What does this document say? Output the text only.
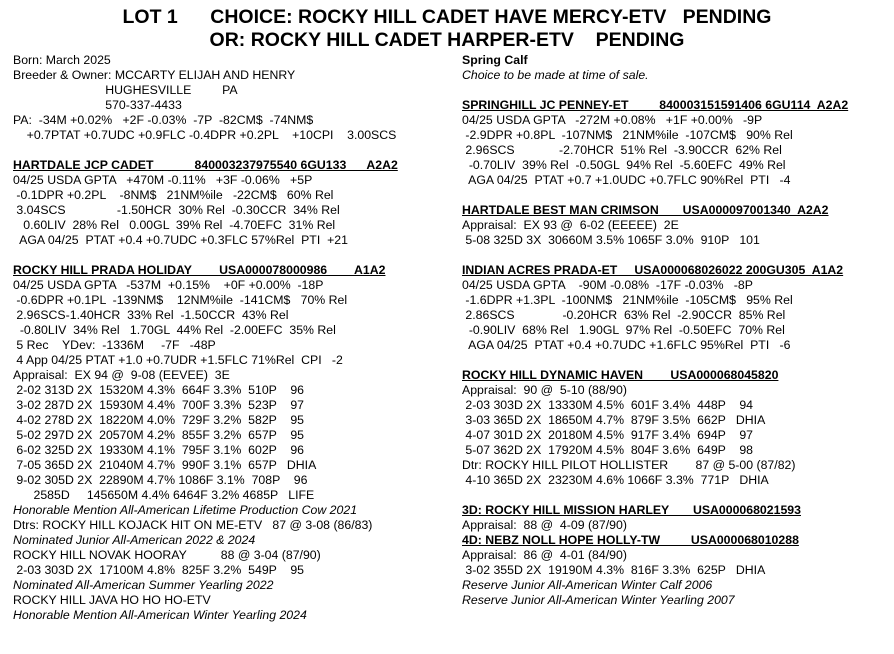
LOT 1      CHOICE: ROCKY HILL CADET HAVE MERCY-ETV   PENDING
OR: ROCKY HILL CADET HARPER-ETV    PENDING
Born: March 2025
Breeder & Owner: MCCARTY ELIJAH AND HENRY
HUGHESVILLE         PA
570-337-4433
PA:  -34M +0.02%   +2F -0.03%  -7P  -82CM$  -74NM$
+0.7PTAT +0.7UDC +0.9FLC -0.4DPR +0.2PL    +10CPI    3.00SCS
HARTDALE JCP CADET            840003237975540 6GU133      A2A2
04/25 USDA GPTA   +470M -0.11%   +3F -0.06%   +5P
-0.1DPR +0.2PL    -8NM$   21NM%ile   -22CM$   60% Rel
3.04SCS               -1.50HCR  30% Rel  -0.30CCR  34% Rel
0.60LIV  28% Rel   0.00GL  39% Rel  -4.70EFC  31% Rel
AGA 04/25  PTAT +0.4 +0.7UDC +0.3FLC 57%Rel  PTI  +21
ROCKY HILL PRADA HOLIDAY        USA000078000986        A1A2
04/25 USDA GPTA   -537M  +0.15%    +0F +0.00%  -18P
-0.6DPR +0.1PL  -139NM$    12NM%ile  -141CM$   70% Rel
2.96SCS-1.40HCR  33% Rel  -1.50CCR  43% Rel
-0.80LIV  34% Rel   1.70GL  44% Rel  -2.00EFC  35% Rel
5 Rec    YDev:  -1336M     -7F   -48P
4 App 04/25 PTAT +1.0 +0.7UDR +1.5FLC 71%Rel  CPI   -2
Appraisal:  EX 94 @  9-08 (EEVEE)  3E
2-02 313D 2X  15320M 4.3%  664F 3.3%  510P    96
3-02 287D 2X  15930M 4.4%  700F 3.3%  523P    97
4-02 278D 2X  18220M 4.0%  729F 3.2%  582P    95
5-02 297D 2X  20570M 4.2%  855F 3.2%  657P    95
6-02 325D 2X  19330M 4.1%  795F 3.1%  602P    96
7-05 365D 2X  21040M 4.7%  990F 3.1%  657P   DHIA
9-02 305D 2X  22890M 4.7% 1086F 3.1%  708P    96
2585D     145650M 4.4% 6464F 3.2% 4685P   LIFE
Honorable Mention All-American Lifetime Production Cow 2021
Dtrs: ROCKY HILL KOJACK HIT ON ME-ETV   87 @ 3-08 (86/83)
Nominated Junior All-American 2022 & 2024
ROCKY HILL NOVAK HOORAY          88 @ 3-04 (87/90)
2-03 303D 2X  17100M 4.8%  825F 3.2%  549P    95
Nominated All-American Summer Yearling 2022
ROCKY HILL JAVA HO HO HO-ETV
Honorable Mention All-American Winter Yearling 2024
Spring Calf
Choice to be made at time of sale.
SPRINGHILL JC PENNEY-ET         840003151591406 6GU114  A2A2
04/25 USDA GPTA   -272M +0.08%   +1F +0.00%   -9P
-2.9DPR +0.8PL  -107NM$   21NM%ile  -107CM$   90% Rel
2.96SCS             -2.70HCR  51% Rel  -3.90CCR  62% Rel
-0.70LIV  39% Rel  -0.50GL  94% Rel  -5.60EFC  49% Rel
AGA 04/25  PTAT +0.7 +1.0UDC +0.7FLC 90%Rel  PTI   -4
HARTDALE BEST MAN CRIMSON       USA000097001340  A2A2
Appraisal:  EX 93 @  6-02 (EEEEE)  2E
5-08 325D 3X  30660M 3.5% 1065F 3.0%  910P   101
INDIAN ACRES PRADA-ET     USA000068026022 200GU305  A1A2
04/25 USDA GPTA    -90M -0.08%  -17F -0.03%   -8P
-1.6DPR +1.3PL  -100NM$   21NM%ile  -105CM$   95% Rel
2.86SCS              -0.20HCR  63% Rel  -2.90CCR  85% Rel
-0.90LIV  68% Rel   1.90GL  97% Rel  -0.50EFC  70% Rel
AGA 04/25  PTAT +0.4 +0.7UDC +1.6FLC 95%Rel  PTI   -6
ROCKY HILL DYNAMIC HAVEN        USA000068045820
Appraisal:  90 @  5-10 (88/90)
2-03 303D 2X  13330M 4.5%  601F 3.4%  448P    94
3-03 365D 2X  18650M 4.7%  879F 3.5%  662P   DHIA
4-07 301D 2X  20180M 4.5%  917F 3.4%  694P    97
5-07 362D 2X  17920M 4.5%  804F 3.6%  649P    98
Dtr: ROCKY HILL PILOT HOLLISTER        87 @ 5-00 (87/82)
4-10 365D 2X  23230M 4.6% 1066F 3.3%  771P   DHIA
3D: ROCKY HILL MISSION HARLEY       USA000068021593
Appraisal:  88 @  4-09 (87/90)
4D: NEBZ NOLL HOPE HOLLY-TW         USA000068010288
Appraisal:  86 @  4-01 (84/90)
3-02 355D 2X  19190M 4.3%  816F 3.3%  625P   DHIA
Reserve Junior All-American Winter Calf 2006
Reserve Junior All-American Winter Yearling 2007
